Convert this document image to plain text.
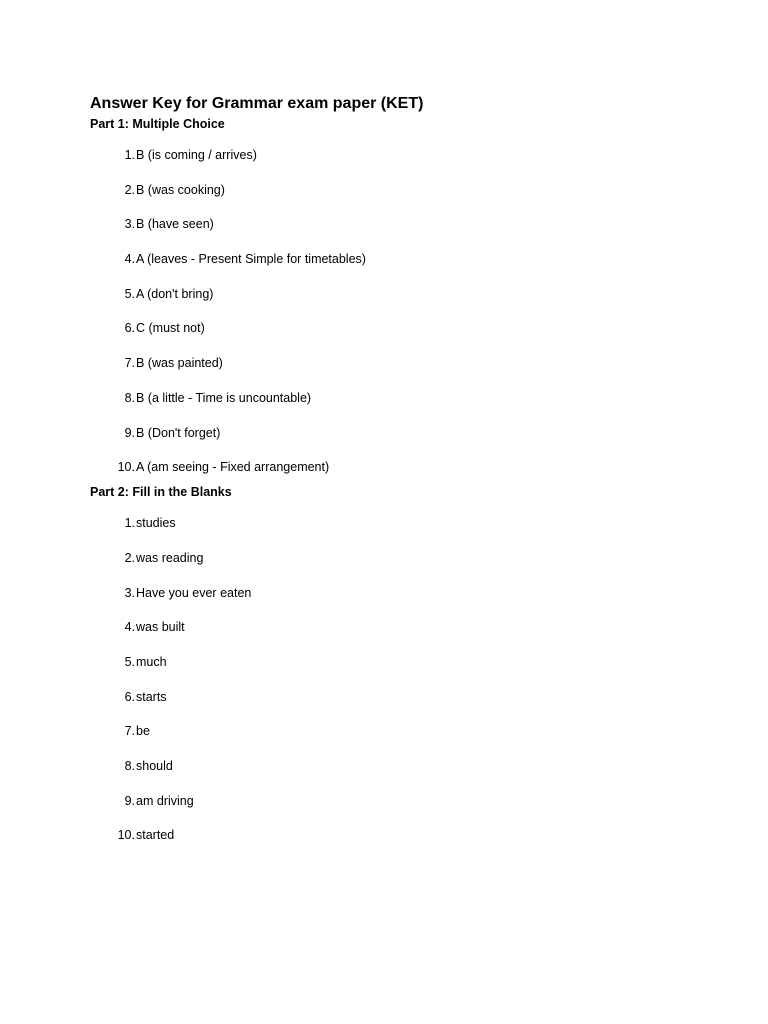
Answer Key for Grammar exam paper (KET)
Part 1: Multiple Choice
1. B (is coming / arrives)
2. B (was cooking)
3. B (have seen)
4. A (leaves - Present Simple for timetables)
5. A (don't bring)
6. C (must not)
7. B (was painted)
8. B (a little - Time is uncountable)
9. B (Don't forget)
10. A (am seeing - Fixed arrangement)
Part 2: Fill in the Blanks
1. studies
2. was reading
3. Have you ever eaten
4. was built
5. much
6. starts
7. be
8. should
9. am driving
10. started
